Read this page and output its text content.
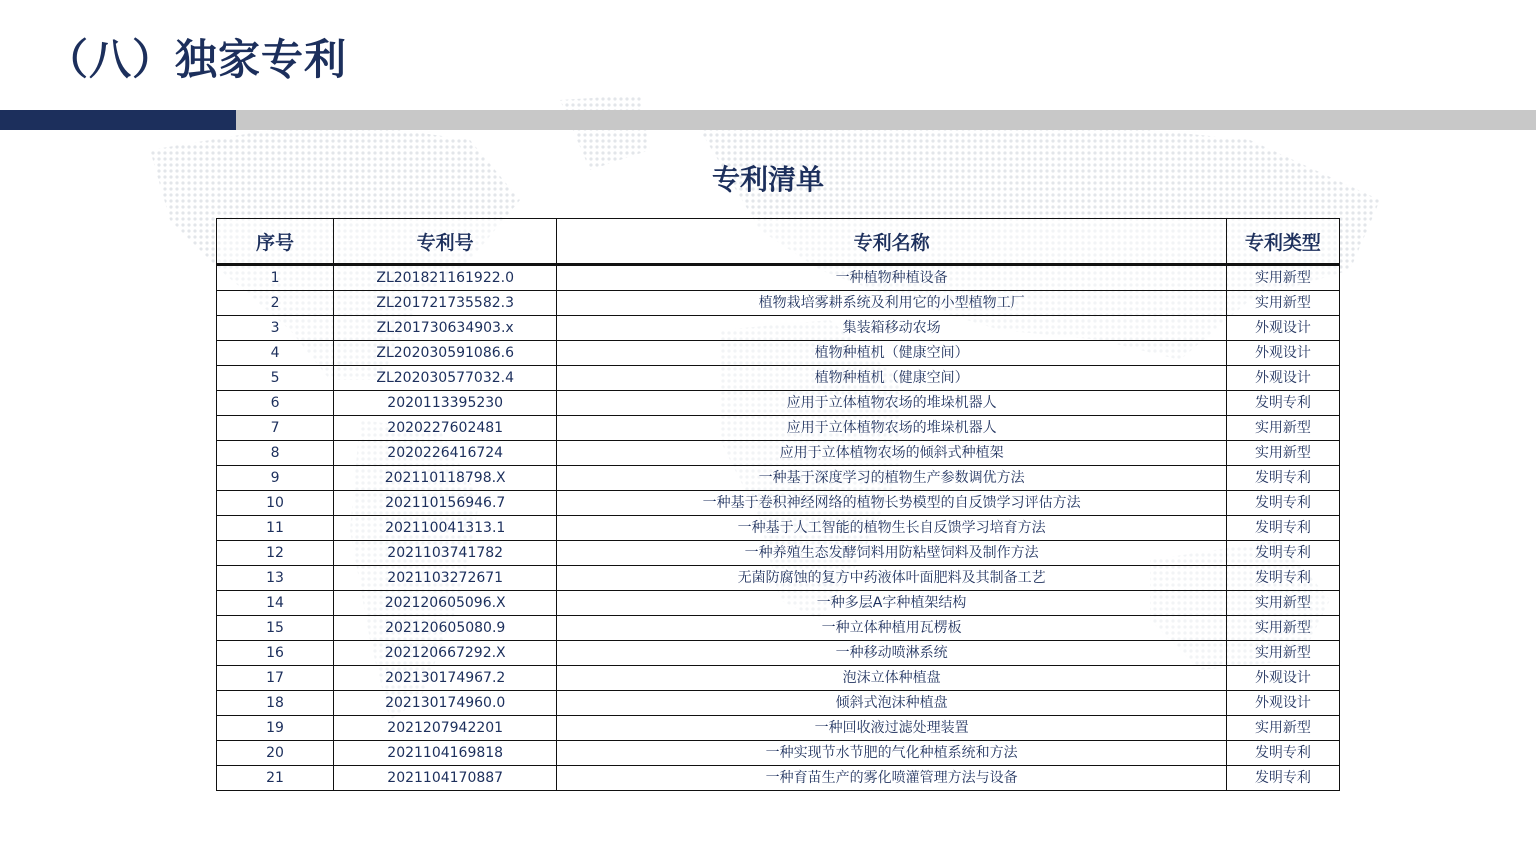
（八）独家专利
专利清单
序号	专利号	专利名称	专利类型
1	ZL201821161922.0	一种植物种植设备	实用新型
2	ZL201721735582.3	植物栽培雾耕系统及利用它的小型植物工厂	实用新型
3	ZL201730634903.x	集装箱移动农场	外观设计
4	ZL202030591086.6	植物种植机（健康空间）	外观设计
5	ZL202030577032.4	植物种植机（健康空间）	外观设计
6	2020113395230	应用于立体植物农场的堆垛机器人	发明专利
7	2020227602481	应用于立体植物农场的堆垛机器人	实用新型
8	2020226416724	应用于立体植物农场的倾斜式种植架	实用新型
9	202110118798.X	一种基于深度学习的植物生产参数调优方法	发明专利
10	202110156946.7	一种基于卷积神经网络的植物长势模型的自反馈学习评估方法	发明专利
11	202110041313.1	一种基于人工智能的植物生长自反馈学习培育方法	发明专利
12	2021103741782	一种养殖生态发酵饲料用防粘壁饲料及制作方法	发明专利
13	2021103272671	无菌防腐蚀的复方中药液体叶面肥料及其制备工艺	发明专利
14	202120605096.X	一种多层A字种植架结构	实用新型
15	202120605080.9	一种立体种植用瓦楞板	实用新型
16	202120667292.X	一种移动喷淋系统	实用新型
17	202130174967.2	泡沫立体种植盘	外观设计
18	202130174960.0	倾斜式泡沫种植盘	外观设计
19	2021207942201	一种回收液过滤处理装置	实用新型
20	2021104169818	一种实现节水节肥的气化种植系统和方法	发明专利
21	2021104170887	一种育苗生产的雾化喷灌管理方法与设备	发明专利
